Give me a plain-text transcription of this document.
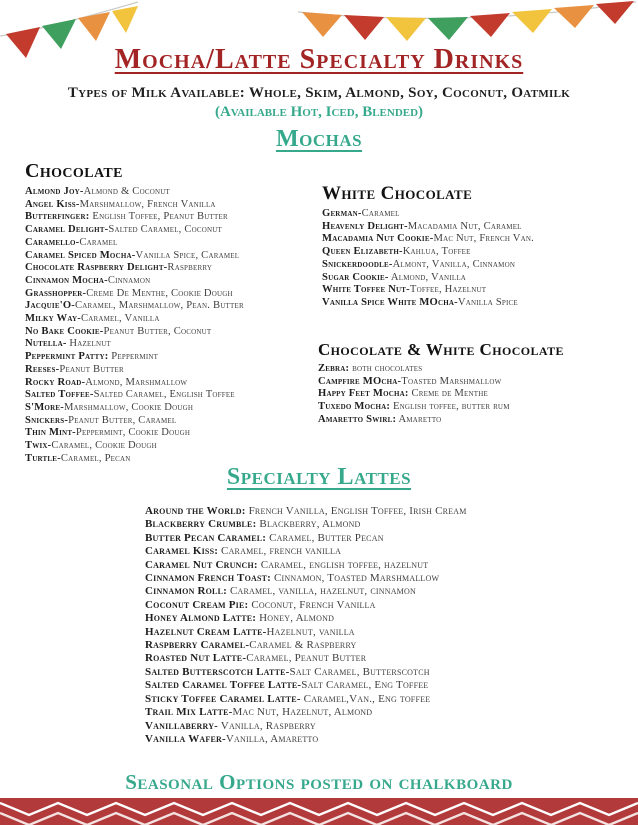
Mocha/Latte Specialty Drinks
Types of Milk Available: Whole, Skim, Almond, Soy, Coconut, Oatmilk
(Available Hot, Iced, Blended)
Mochas
Chocolate
Almond Joy-Almond & Coconut
Angel Kiss-Marshmallow, French Vanilla
Butterfinger: English Toffee, Peanut Butter
Caramel Delight-Salted Caramel, Coconut
Caramello-Caramel
Caramel Spiced Mocha-Vanilla Spice, Caramel
Chocolate Raspberry Delight-Raspberry
Cinnamon Mocha-Cinnamon
Grasshopper-Creme De Menthe, Cookie Dough
Jacquie'O-Caramel, Marshmallow, Pean. Butter
Milky Way-Caramel, Vanilla
No Bake Cookie-Peanut Butter, Coconut
Nutella- Hazelnut
Peppermint Patty: Peppermint
Reeses-Peanut Butter
Rocky Road-Almond, Marshmallow
Salted Toffee-Salted Caramel, English Toffee
S'More-Marshmallow, Cookie Dough
Snickers-Peanut Butter, Caramel
Thin Mint-Peppermint, Cookie Dough
Twix-Caramel, Cookie Dough
Turtle-Caramel, Pecan
White Chocolate
German-Caramel
Heavenly Delight-Macadamia Nut, Caramel
Macadamia Nut Cookie-Mac Nut, French Van.
Queen Elizabeth-Kahlua, Toffee
Snickerdoodle-Almont, Vanilla, Cinnamon
Sugar Cookie- Almond, Vanilla
White Toffee Nut-Toffee, Hazelnut
Vanilla Spice White MOcha-Vanilla Spice
Chocolate & White Chocolate
Zebra: both chocolates
Campfire MOcha-Toasted Marshmallow
Happy Feet Mocha: Creme de Menthe
Tuxedo Mocha: English toffee, butter rum
Amaretto Swirl: Amaretto
Specialty Lattes
Around the World: French Vanilla, English Toffee, Irish Cream
Blackberry Crumble: Blackberry, Almond
Butter Pecan Caramel: Caramel, Butter Pecan
Caramel Kiss: Caramel, french vanilla
Caramel Nut Crunch: Caramel, english toffee, hazelnut
Cinnamon French Toast: Cinnamon, Toasted Marshmallow
Cinnamon Roll: Caramel, vanilla, hazelnut, cinnamon
Coconut Cream Pie: Coconut, French Vanilla
Honey Almond Latte: Honey, Almond
Hazelnut Cream Latte-Hazelnut, vanilla
Raspberry Caramel-Caramel & Raspberry
Roasted Nut Latte-Caramel, Peanut Butter
Salted Butterscotch Latte-Salt Caramel, Butterscotch
Salted Caramel Toffee Latte-Salt Caramel, Eng Toffee
Sticky Toffee Caramel Latte- Caramel,Van., Eng toffee
Trail Mix Latte-Mac Nut, Hazelnut, Almond
Vanillaberry- Vanilla, Raspberry
Vanilla Wafer-Vanilla, Amaretto
Seasonal Options posted on chalkboard
